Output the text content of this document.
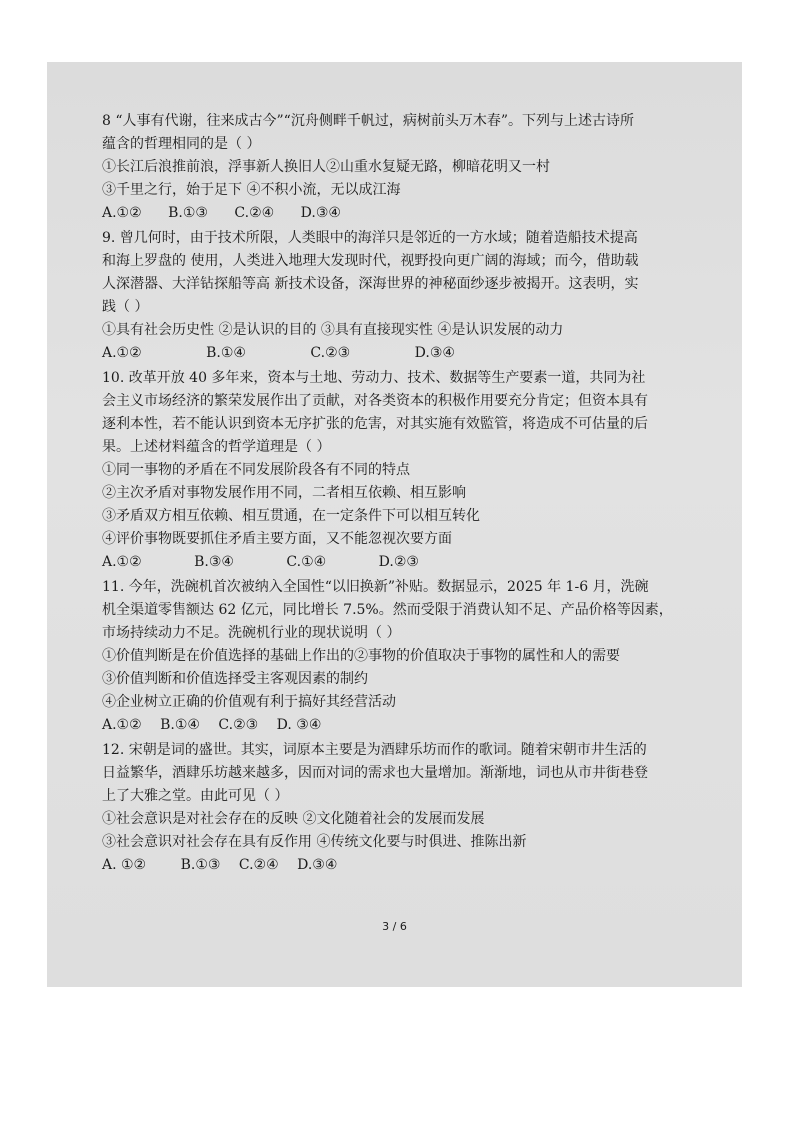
8 “人事有代谢，往来成古今”“沉舟侧畔千帆过，病树前头万木春”。下列与上述古诗所
蕴含的哲理相同的是（ ）
①长江后浪推前浪，浮事新人换旧人②山重水复疑无路，柳暗花明又一村
③千里之行，始于足下 ④不积小流，无以成江海
A.①② B.①③ C.②④ D.③④
9. 曾几何时，由于技术所限，人类眼中的海洋只是邻近的一方水域；随着造船技术提高
和海上罗盘的 使用，人类进入地理大发现时代，视野投向更广阔的海域；而今，借助载
人深潜器、大洋钻探船等高 新技术设备，深海世界的神秘面纱逐步被揭开。这表明，实
践（ ）
①具有社会历史性 ②是认识的目的 ③具有直接现实性 ④是认识发展的动力
A.①②	B.①④	C.②③	D.③④
10. 改革开放 40 多年来，资本与土地、劳动力、技术、数据等生产要素一道，共同为社
会主义市场经济的繁荣发展作出了贡献，对各类资本的积极作用要充分肯定；但资本具有
逐利本性，若不能认识到资本无序扩张的危害，对其实施有效監管，将造成不可估量的后
果。上述材料蕴含的哲学道理是（ ）
①同一事物的矛盾在不同发展阶段各有不同的特点
②主次矛盾对事物发展作用不同，二者相互依赖、相互影响
③矛盾双方相互依赖、相互贯通，在一定条件下可以相互转化
④评价事物既要抓住矛盾主要方面，又不能忽视次要方面
A.①②	B.③④	C.①④	D.②③
11. 今年，洗碗机首次被纳入全国性“以旧换新”补贴。数据显示，2025 年 1-6 月，洗碗
机全渠道零售额达 62 亿元，同比增长 7.5%。然而受限于消费认知不足、产品价格等因素，
市场持续动力不足。洗碗机行业的现状说明（ ）
①价值判断是在价值选择的基础上作出的②事物的价值取决于事物的属性和人的需要
③价值判断和价值选择受主客观因素的制约
④企业树立正确的价值观有利于搞好其经营活动
A.①② B.①④ C.②③ D. ③④
12. 宋朝是词的盛世。其实，词原本主要是为酒肆乐坊而作的歌词。随着宋朝市井生活的
日益繁华，酒肆乐坊越来越多，因而对词的需求也大量增加。渐渐地，词也从市井街巷登
上了大雅之堂。由此可见（ ）
①社会意识是对社会存在的反映 ②文化随着社会的发展而发展
③社会意识对社会存在具有反作用 ④传统文化要与时俱进、推陈出新
A. ①② B.①③ C.②④ D.③④
3 / 6
